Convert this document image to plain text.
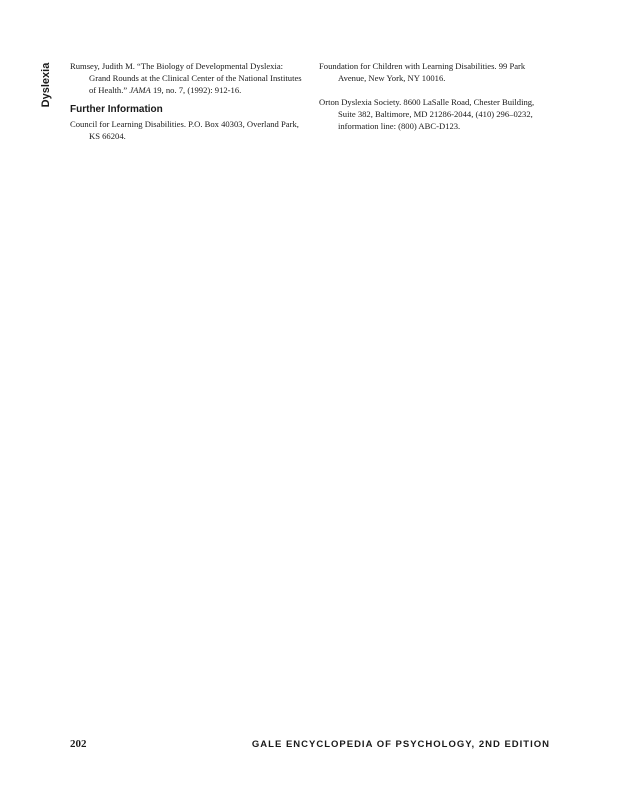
Dyslexia Rumsey, Judith M. “The Biology of Developmental Dyslexia: Grand Rounds at the Clinical Center of the National Institutes of Health.” JAMA 19, no. 7, (1992): 912-16.

Further Information

Council for Learning Disabilities. P.O. Box 40303, Overland Park, KS 66204.

Foundation for Children with Learning Disabilities. 99 Park Avenue, New York, NY 10016.

Orton Dyslexia Society. 8600 LaSalle Road, Chester Building, Suite 382, Baltimore, MD 21286-2044, (410) 296–0232, information line: (800) ABC-D123.

202	GALE ENCYCLOPEDIA OF PSYCHOLOGY, 2ND EDITION
